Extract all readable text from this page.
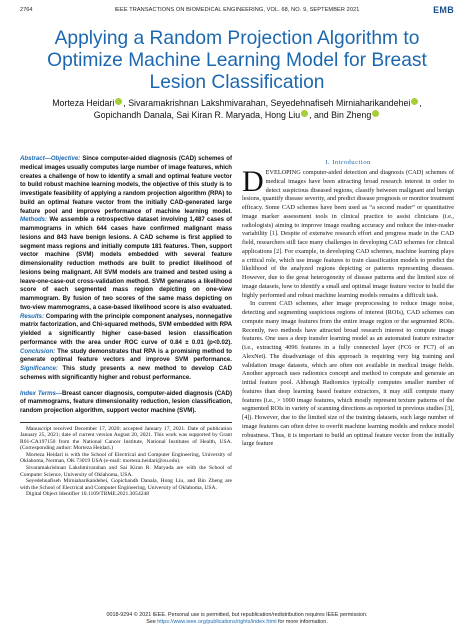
2764	IEEE TRANSACTIONS ON BIOMEDICAL ENGINEERING, VOL. 68, NO. 9, SEPTEMBER 2021	EMB
Applying a Random Projection Algorithm to Optimize Machine Learning Model for Breast Lesion Classification
Morteza Heidari , Sivaramakrishnan Lakshmivarahan, Seyedehnafiseh Mirniaharikandehei ,
Gopichandh Danala, Sai Kiran R. Maryada, Hong Liu , and Bin Zheng
Abstract—Objective: Since computer-aided diagnosis (CAD) schemes of medical images usually computes large number of image features, which creates a challenge of how to identify a small and optimal feature vector to build robust machine learning models, the objective of this study is to investigate feasibility of applying a random projection algorithm (RPA) to build an optimal feature vector from the initially CAD-generated large feature pool and improve performance of machine learning model. Methods: We assemble a retrospective dataset involving 1,487 cases of mammograms in which 644 cases have confirmed malignant mass lesions and 843 have benign lesions. A CAD scheme is first applied to segment mass regions and initially compute 181 features. Then, support vector machine (SVM) models embedded with several feature dimensionality reduction methods are built to predict likelihood of lesions being malignant. All SVM models are trained and tested using a leave-one-case-out cross-validation method. SVM generates a likelihood score of each segmented mass region depicting on one-view mammogram. By fusion of two scores of the same mass depicting on two-view mammograms, a case-based likelihood score is also evaluated. Results: Comparing with the principle component analyses, nonnegative matrix factorization, and Chi-squared methods, SVM embedded with RPA yielded a significantly higher case-based lesion classification performance with the area under ROC curve of 0.84 ± 0.01 (p<0.02). Conclusion: The study demonstrates that RPA is a promising method to generate optimal feature vectors and improve SVM performance. Significance: This study presents a new method to develop CAD schemes with significantly higher and robust performance.
Index Terms—Breast cancer diagnosis, computer-aided diagnosis (CAD) of mammograms, feature dimensionality reduction, lesion classification, random projection algorithm, support vector machine (SVM).

Manuscript received December 17, 2020; accepted January 17, 2021. Date of publication January 25, 2021; date of current version August 20, 2021. This work was supported by Grant R01-CA197150 from the National Cancer Institute, National Institutes of Health, USA. (Corresponding author: Morteza Heidari.)

Morteza Heidari is with the School of Electrical and Computer Engineering, University of Oklahoma, Norman, OK 73019 USA (e-mail: morteza.heidari@ou.edu).

Sivaramakrishnan Lakshmivarahan and Sai Kiran R. Maryada are with the School of Computer Science, University of Oklahoma, USA.

Seyedehnafiseh Mirniaharikandehei, Gopichandh Danala, Hong Liu, and Bin Zheng are with the School of Electrical and Computer Engineering, University of Oklahoma, USA.

Digital Object Identifier 10.1109/TBME.2021.3054248

I. Introduction

DEVELOPING computer-aided detection and diagnosis (CAD) schemes of medical images have been attracting broad research interest in order to detect suspicious diseased regions, classify between malignant and benign lesions, quantify disease severity, and predict disease prognosis or monitor treatment efficacy. Some CAD schemes have been used as “a second reader” or quantitative image marker assessment tools in clinical practice to assist clinicians (i.e., radiologists) aiming to improve image reading accuracy and reduce the inter-reader variability [1]. Despite of extensive research effort and progress made in the CAD field, researchers still face many challenges in developing CAD schemes for clinical applications [2]. For example, in developing CAD schemes, machine learning plays a critical role, which use image features to train classification models to predict the likelihood of the analyzed regions depicting or patterns representing diseases. However, due to the great heterogeneity of disease patterns and the limited size of image datasets, how to identify a small and optimal image feature vector to build the highly performed and robust machine learning models remains a difficult task.

In current CAD schemes, after image preprocessing to reduce image noise, detecting and segmenting suspicious regions of interest (ROIs), CAD schemes can compute many image features from the entire image region or the segmented ROIs. Recently, two methods have attracted broad research interest to compute image features. One uses a deep transfer learning model as an automated feature extractor (i.e., extracting 4096 features in a fully connected layer (FC6 or FC7) of an AlexNet). The disadvantage of this approach is requiring very big training and validation image datasets, which are often not available in medical image fields. Another approach uses radiomics concept and method to compute and generate an initial feature pool. Although Radiomics typically computes smaller number of features than deep learning based feature extractors, it may still compute many features (i.e., > 1000 image features, which mostly represent texture patterns of the segmented ROIs in variety of scanning directions as reported in previous studies [3], [4]). However, due to the limited size of the training datasets, such large number of image features can often drive to overfit machine learning models and reduce model robustness. Thus, it is important to build an optimal feature vector from the initially large feature

0018-9294 © 2021 IEEE. Personal use is permitted, but republication/redistribution requires IEEE permission.
See https://www.ieee.org/publications/rights/index.html for more information.
